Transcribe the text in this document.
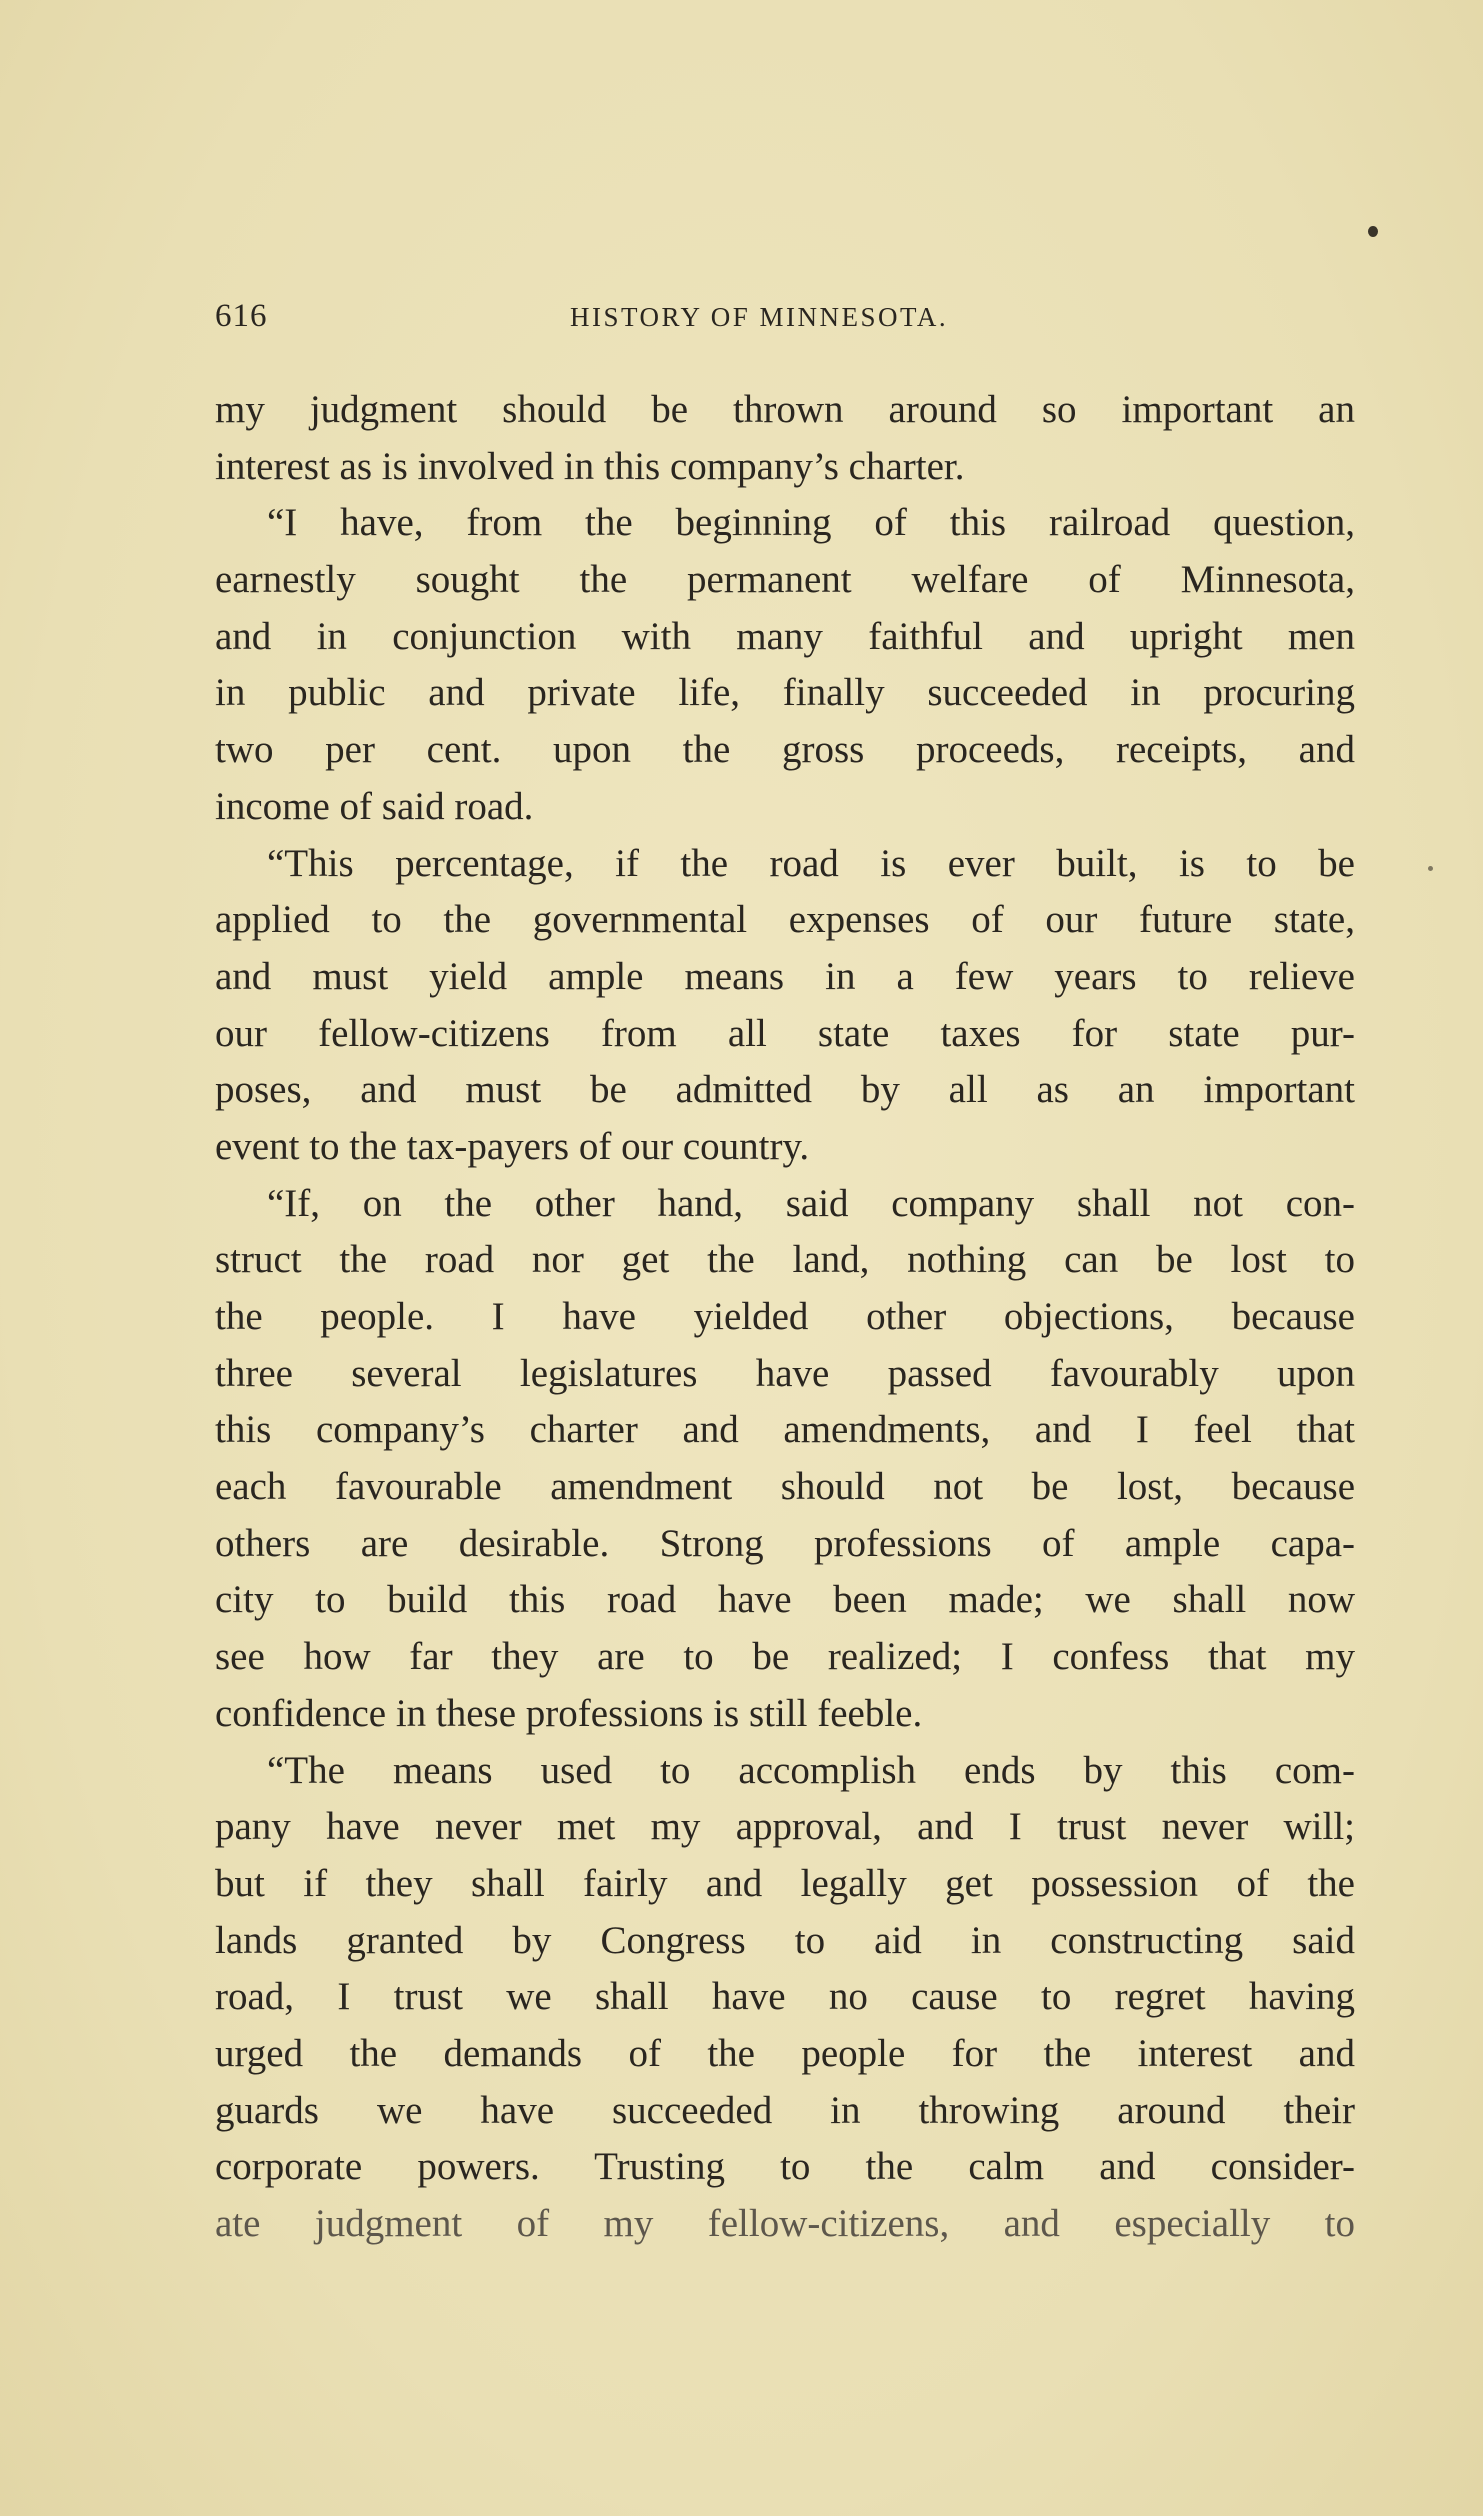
616	HISTORY OF MINNESOTA.
my judgment should be thrown around so important an
interest as is involved in this company’s charter.
“I have, from the beginning of this railroad question,
earnestly sought the permanent welfare of Minnesota,
and in conjunction with many faithful and upright men
in public and private life, finally succeeded in procuring
two per cent. upon the gross proceeds, receipts, and
income of said road.
“This percentage, if the road is ever built, is to be
applied to the governmental expenses of our future state,
and must yield ample means in a few years to relieve
our fellow-citizens from all state taxes for state pur-
poses, and must be admitted by all as an important
event to the tax-payers of our country.
“If, on the other hand, said company shall not con-
struct the road nor get the land, nothing can be lost to
the people. I have yielded other objections, because
three several legislatures have passed favourably upon
this company’s charter and amendments, and I feel that
each favourable amendment should not be lost, because
others are desirable. Strong professions of ample capa-
city to build this road have been made; we shall now
see how far they are to be realized; I confess that my
confidence in these professions is still feeble.
“The means used to accomplish ends by this com-
pany have never met my approval, and I trust never will;
but if they shall fairly and legally get possession of the
lands granted by Congress to aid in constructing said
road, I trust we shall have no cause to regret having
urged the demands of the people for the interest and
guards we have succeeded in throwing around their
corporate powers. Trusting to the calm and consider-
ate judgment of my fellow-citizens, and especially to
